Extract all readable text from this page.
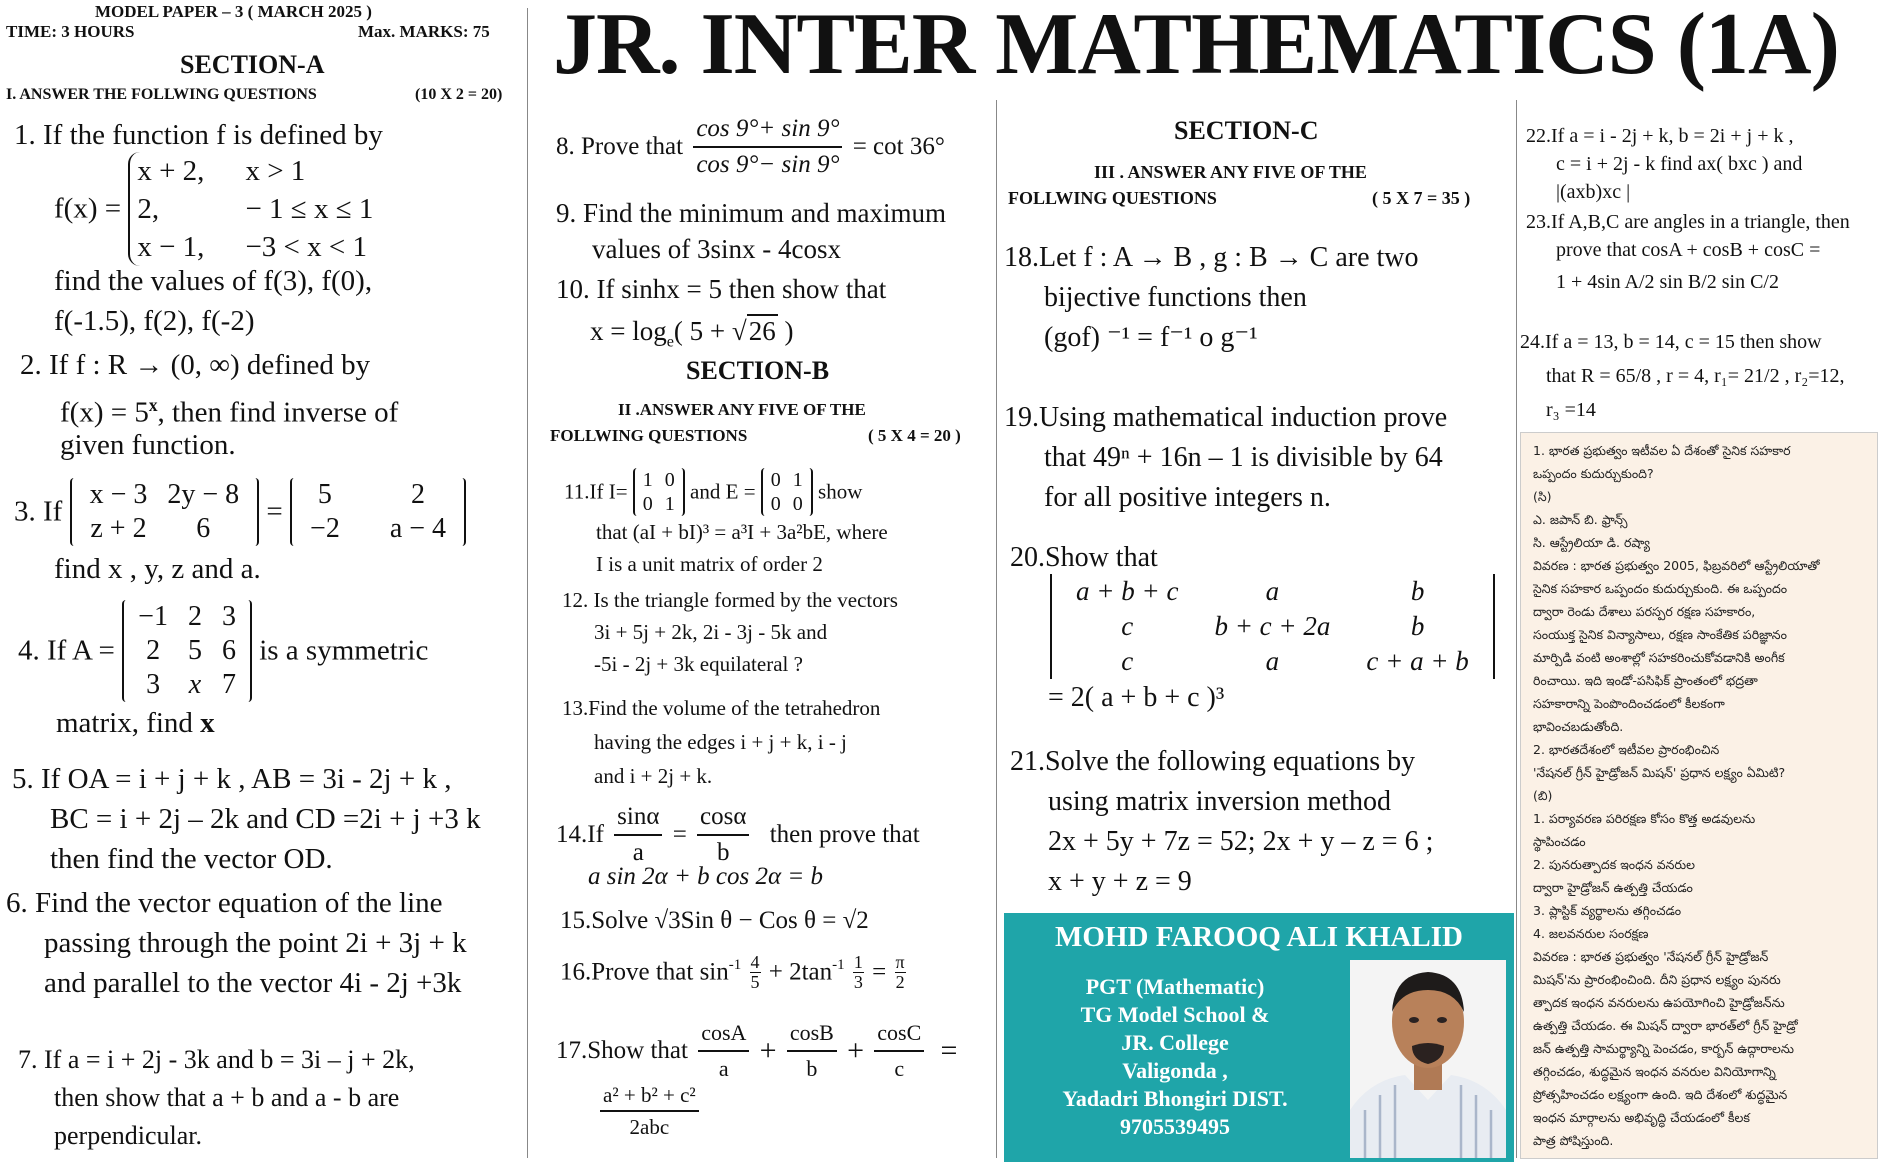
MODEL PAPER – 3 ( MARCH 2025 )
TIME: 3 HOURS	Max. MARKS: 75 JR. INTER MATHEMATICS (1A)
SECTION-A
I. ANSWER THE FOLLWING QUESTIONS	(10 X 2 = 20)
1. If the function f is defined by
f(x) =
x + 2,	x > 1
2,	− 1 ≤ x ≤ 1
x − 1,	−3 < x < 1
find the values of f(3), f(0),
f(-1.5), f(2), f(-2)
2. If f : R → (0, ∞) defined by
$f(x) = 5^x$, then find inverse of
given function.
3. If
x − 3	2y − 8
z + 2	6
=
5	2
−2	a − 4
find x , y, z and a.
4. If A =
−1	2	3
2	5	6
3	x	7
is a symmetric
matrix, find x
5. If OA = i + j + k , AB = 3i - 2j + k ,
BC = i + 2j – 2k and CD =2i + j +3 k
then find the vector OD.
6. Find the vector equation of the line
passing through the point 2i + 3j + k
and parallel to the vector 4i - 2j +3k
7. If a = i + 2j - 3k and b = 3i – j + 2k,
then show that a + b and a - b are
perpendicular.
8. Prove that $\frac{\cos 9^\circ+ \sin 9^\circ}{\cos 9^\circ- \sin 9^\circ} = \cot 36^\circ$
9. Find the minimum and maximum
values of 3sinx - 4cosx
10. If sinhx = 5 then show that
$x = \log_e$( 5 + √26 )
SECTION-B
II .ANSWER ANY FIVE OF THE
FOLLWING QUESTIONS	( 5 X 4 = 20 )
11.If I= 1	0
0	1
and E = 0	1
0	0
show
that (aI + bI)³ = a³I + 3a²bE, where
I is a unit matrix of order 2
12. Is the triangle formed by the vectors
3i + 5j + 2k, 2i - 3j - 5k and
-5i - 2j + 3k equilateral ?
13.Find the volume of the tetrahedron
having the edges i + j + k, i - j
and i + 2j + k.
$14.If \frac{\sin\alpha}{a} = \frac{\cos\alpha}{b}$ then prove that
a sin 2α + b cos 2α = b
15.Solve √3Sin θ − Cos θ = √2
16.Prove that $\sin^{-1} \frac{4}{5} + 2\tan^{-1} \frac{1}{3} = \frac{\pi}{2}$
17.Show that $\frac{\cos A}{a} + \frac{\cos B}{b} + \frac{\cos C}{c}$ =
a² + b² + c²
2abc
SECTION-C
III . ANSWER ANY FIVE OF THE
FOLLWING QUESTIONS	( 5 X 7 = 35 )
18.Let f : A → B , g : B → C are two
bijective functions then
(gof) ⁻¹ = f⁻¹ o g⁻¹
19.Using mathematical induction prove
that 49ⁿ + 16n – 1 is divisible by 64
for all positive integers n.
20.Show that
a + b + c	a	b
c	b + c + 2a	b
c	a	c + a + b
= 2( a + b + c )³
21.Solve the following equations by
using matrix inversion method
2x + 5y + 7z = 52; 2x + y – z = 6 ;
x + y + z = 9
MOHD FAROOQ ALI KHALID
PGT (Mathematic)
TG Model School &
JR. College
Valigonda ,
Yadadri Bhongiri DIST.
9705539495
22.If a = i - 2j + k, b = 2i + j + k ,
c = i + 2j - k find ax( bxc ) and
|(axb)xc |
23.If A,B,C are angles in a triangle, then
prove that cosA + cosB + cosC =
1 + 4sin A/2 sin B/2 sin C/2
24.If a = 13, b = 14, c = 15 then show
that R = 65/8 , r = 4, r₁= 21/2 , r₂=12,
r₃ =14
1. భారత ప్రభుత్వం ఇటీవల ఏ దేశంతో సైనిక సహకార
ఒప్పందం కుదుర్చుకుంది?
(సి)
ఎ. జపాన్ బి. ఫ్రాన్స్
సి. ఆస్ట్రేలియా డి. రష్యా
వివరణ : భారత ప్రభుత్వం 2005, ఫిబ్రవరిలో ఆస్ట్రేలియాతో
సైనిక సహకార ఒప్పందం కుదుర్చుకుంది. ఈ ఒప్పందం
ద్వారా రెండు దేశాలు పరస్పర రక్షణ సహకారం,
సంయుక్త సైనిక విన్యాసాలు, రక్షణ సాంకేతిక పరిజ్ఞానం
మార్పిడి వంటి అంశాల్లో సహకరించుకోవడానికి అంగీక
రించాయి. ఇది ఇండో-పసిఫిక్ ప్రాంతంలో భద్రతా
సహకారాన్ని పెంపొందించడంలో కీలకంగా
భావించబడుతోంది.
2. భారతదేశంలో ఇటీవల ప్రారంభించిన
'నేషనల్ గ్రీన్ హైడ్రోజన్ మిషన్' ప్రధాన లక్ష్యం ఏమిటి?
(బి)
1. పర్యావరణ పరిరక్షణ కోసం కొత్త అడవులను
స్థాపించడం
2. పునరుత్పాదక ఇంధన వనరుల
ద్వారా హైడ్రోజన్ ఉత్పత్తి చేయడం
3. ప్లాస్టిక్ వ్యర్థాలను తగ్గించడం
4. జలవనరుల సంరక్షణ
వివరణ : భారత ప్రభుత్వం 'నేషనల్ గ్రీన్ హైడ్రోజన్
మిషన్'ను ప్రారంభించింది. దీని ప్రధాన లక్ష్యం పునరు
త్పాదక ఇంధన వనరులను ఉపయోగించి హైడ్రోజన్‌ను
ఉత్పత్తి చేయడం. ఈ మిషన్ ద్వారా భారత్‌లో గ్రీన్ హైడ్రో
జన్ ఉత్పత్తి సామర్థ్యాన్ని పెంచడం, కార్బన్ ఉద్గారాలను
తగ్గించడం, శుద్ధమైన ఇంధన వనరుల వినియోగాన్ని
ప్రోత్సహించడం లక్ష్యంగా ఉంది. ఇది దేశంలో శుద్ధమైన
ఇంధన మార్గాలను అభివృద్ధి చేయడంలో కీలక
పాత్ర పోషిస్తుంది.
